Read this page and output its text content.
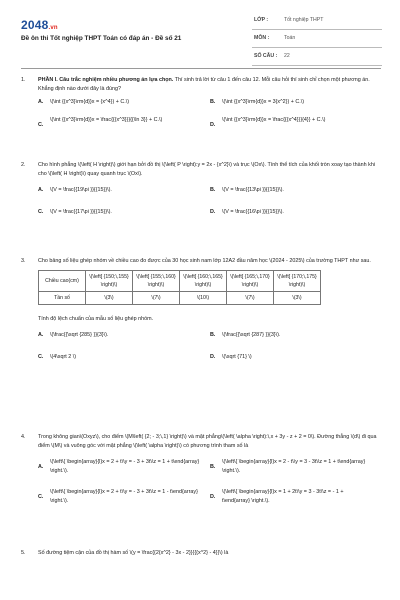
2048.vn
Đề ôn thi Tốt nghiệp THPT Toán có đáp án - Đề số 21
LỚP :	Tốt nghiệp THPT
MÔN :	Toán
SỐ CÂU : 22
1. PHẦN I. Câu trắc nghiệm nhiều phương án lựa chọn. Thí sinh trả lời từ câu 1 đến câu 12. Mỗi câu hỏi thí sinh chỉ chọn một phương án.

Khẳng định nào dưới đây là đúng?

A. \(\int {{x^3}\rm{d}}x = {x^4}) + C.\)	B. \(\int {{x^3}\rm{d}}x = 3{x^2}) + C.\)
C.
\(\int {{x^3}\rm{d}}x = \frac{{{x^3}}}{{\ln 3}} + C.\)
D.
\(\int {{x^3}\rm{d}}x = \frac{{{x^4}}}{4}} + C.\)
2. Cho hình phẳng \(\left( H \right)\) giới hạn bởi đồ thị \(\left( P \right):y = 2x - {x^2}\) và trục \(Ox\). Tính thể tích của khối tròn xoay tạo thành khi cho \(\left( H \right)\) quay quanh trục \(Ox\).

A. \(V = \frac{{19\pi }}{{15}}\).	B. \(V = \frac{{13\pi }}{{15}}\).
C. \(V = \frac{{17\pi }}{{15}}\).	D. \(V = \frac{{16\pi }}{{15}}\).
3. Cho bảng số liệu ghép nhóm về chiều cao đo được của 30 học sinh nam lớp 12A2 đầu năm học \(2024 - 2025\) của trường THPT như sau.

Chiều cao(cm)	\(\left[ {150;\,155} \right)\)	\(\left[ {155;\,160} \right)\)	\(\left[ {160;\,165} \right)\)	\(\left[ {165;\,170} \right)\)	\(\left[ {170;\,175} \right)\)
Tần số	\(3\)	\(7\)	\(10\)	\(7\)	\(3\)

Tính độ lệch chuẩn của mẫu số liệu ghép nhóm.

A. \(\frac{{\sqrt {285} }}{3}\).	B. \(\frac{{\sqrt {287} }}{3}\).
C. \(4\sqrt 2 \)	D. \(\sqrt {71} \)
4. Trong không gian\(Oxyz\), cho điểm \(M\left( {2; - 3;\,1} \right)\) và mặt phẳng\(\left( \alpha \right):\,x + 3y - z + 2 = 0\). Đường thẳng \(d\) đi qua điểm \(M\) và vuông góc với mặt phẳng \(\left( \alpha \right)\) có phương trình tham số là

A.
\(\left\{ \begin{array}{l}x = 2 + t\\y = - 3 + 3t\\z = 1 + t\end{array} \right.\).
B.
\(\left\{ \begin{array}{l}x = 2 - t\\y = 3 - 3t\\z = 1 + t\end{array} \right.\).
C.
\(\left\{ \begin{array}{l}x = 2 + t\\y = - 3 + 3t\\z = 1 - t\end{array} \right.\).
D.
\(\left\{ \begin{array}{l}x = 1 + 2t\\y = 3 - 3t\\z = - 1 + t\end{array} \right.\).
5. Số đường tiệm cận của đồ thị hàm số \(y = \frac{{2{x^2} - 3x - 2}}{{{x^2} - 4}}\) là
